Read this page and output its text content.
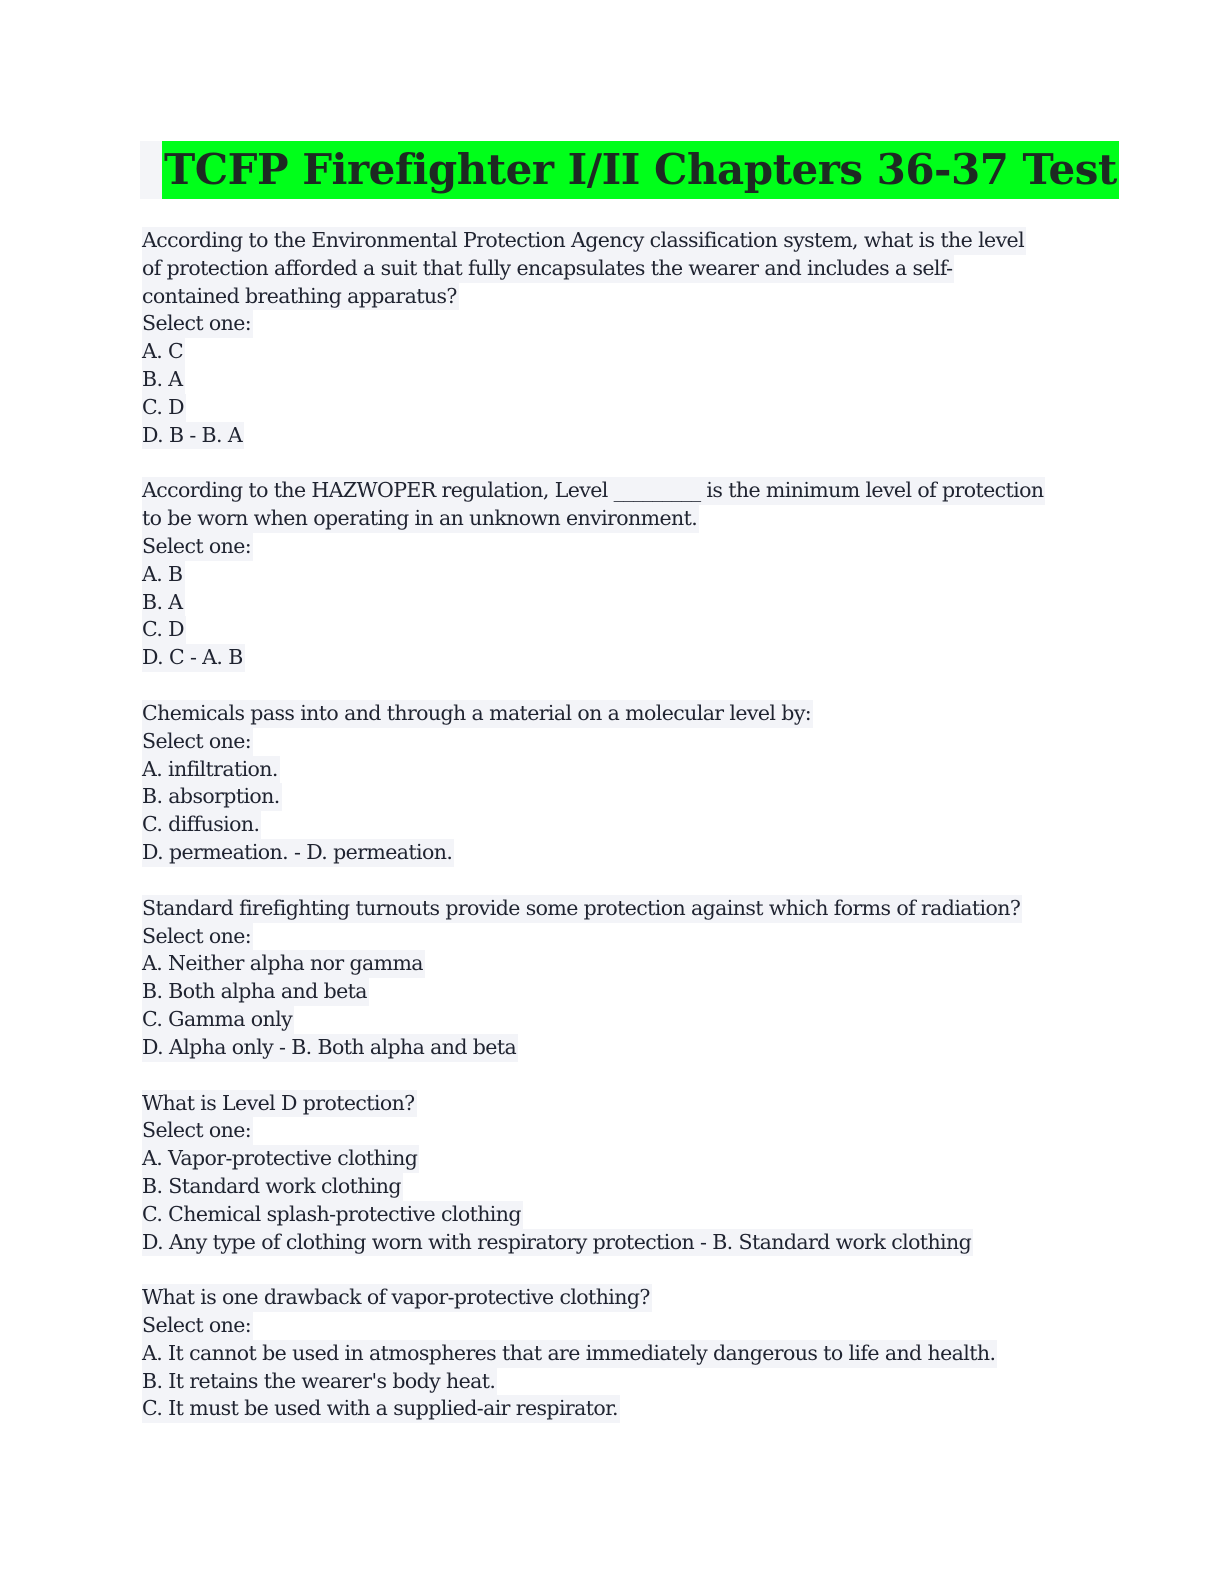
TCFP Firefighter I/II Chapters 36-37 Test
According to the Environmental Protection Agency classification system, what is the level
of protection afforded a suit that fully encapsulates the wearer and includes a self-
contained breathing apparatus?
Select one:
A. C
B. A
C. D
D. B - B. A
According to the HAZWOPER regulation, Level _________ is the minimum level of protection
to be worn when operating in an unknown environment.
Select one:
A. B
B. A
C. D
D. C - A. B
Chemicals pass into and through a material on a molecular level by:
Select one:
A. infiltration.
B. absorption.
C. diffusion.
D. permeation. - D. permeation.
Standard firefighting turnouts provide some protection against which forms of radiation?
Select one:
A. Neither alpha nor gamma
B. Both alpha and beta
C. Gamma only
D. Alpha only - B. Both alpha and beta
What is Level D protection?
Select one:
A. Vapor-protective clothing
B. Standard work clothing
C. Chemical splash-protective clothing
D. Any type of clothing worn with respiratory protection - B. Standard work clothing
What is one drawback of vapor-protective clothing?
Select one:
A. It cannot be used in atmospheres that are immediately dangerous to life and health.
B. It retains the wearer's body heat.
C. It must be used with a supplied-air respirator.
